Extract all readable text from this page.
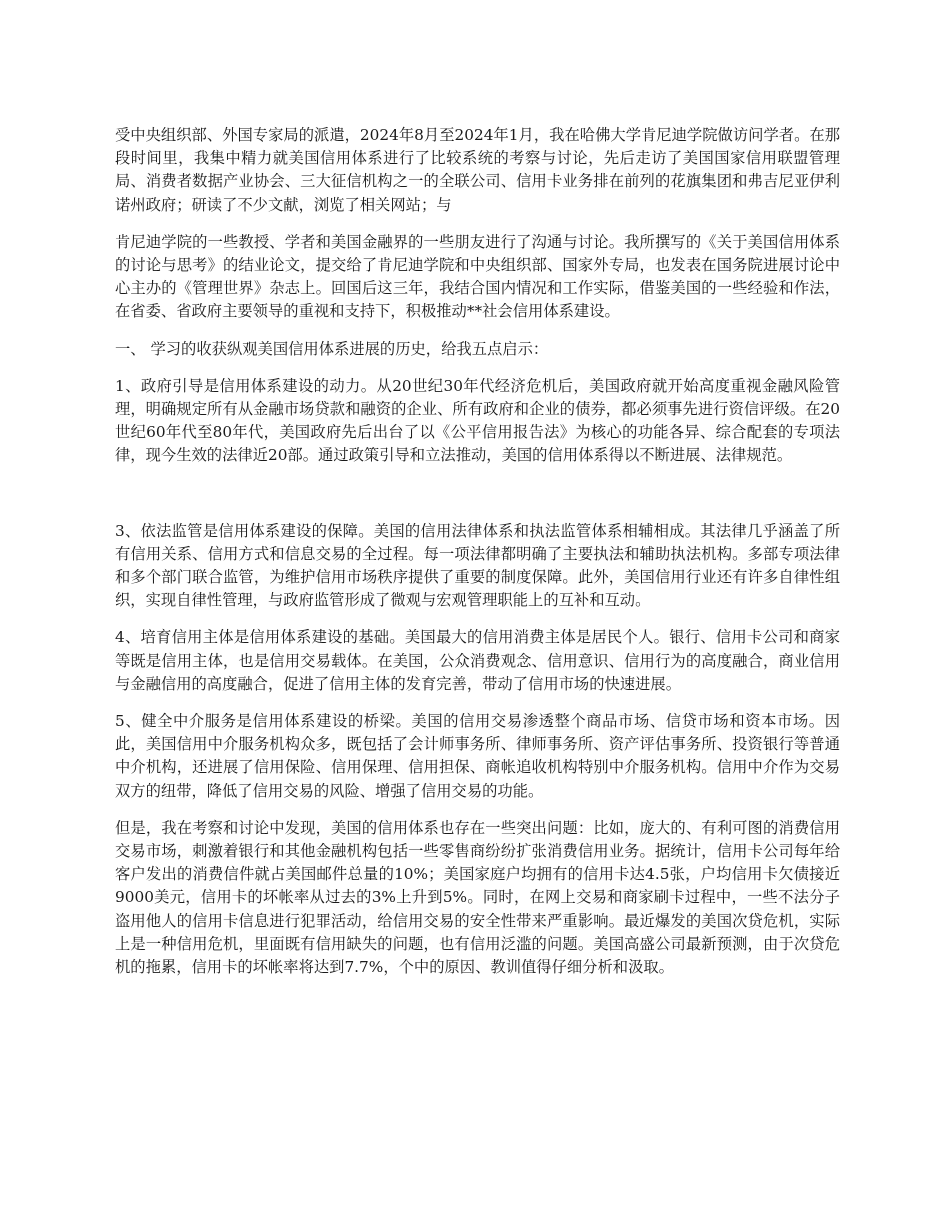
受中央组织部、外国专家局的派遣，2024年8月至2024年1月，我在哈佛大学肯尼迪学院做访问学者。在那段时间里，我集中精力就美国信用体系进行了比较系统的考察与讨论，先后走访了美国国家信用联盟管理局、消费者数据产业协会、三大征信机构之一的全联公司、信用卡业务排在前列的花旗集团和弗吉尼亚伊利诺州政府；研读了不少文献，浏览了相关网站；与

肯尼迪学院的一些教授、学者和美国金融界的一些朋友进行了沟通与讨论。我所撰写的《关于美国信用体系的讨论与思考》的结业论文，提交给了肯尼迪学院和中央组织部、国家外专局，也发表在国务院进展讨论中心主办的《管理世界》杂志上。回国后这三年，我结合国内情况和工作实际，借鉴美国的一些经验和作法，在省委、省政府主要领导的重视和支持下，积极推动**社会信用体系建设。

一、 学习的收获纵观美国信用体系进展的历史，给我五点启示：

1、政府引导是信用体系建设的动力。从20世纪30年代经济危机后，美国政府就开始高度重视金融风险管理，明确规定所有从金融市场贷款和融资的企业、所有政府和企业的债券，都必须事先进行资信评级。在20世纪60年代至80年代，美国政府先后出台了以《公平信用报告法》为核心的功能各异、综合配套的专项法律，现今生效的法律近20部。通过政策引导和立法推动，美国的信用体系得以不断进展、法律规范。

3、依法监管是信用体系建设的保障。美国的信用法律体系和执法监管体系相辅相成。其法律几乎涵盖了所有信用关系、信用方式和信息交易的全过程。每一项法律都明确了主要执法和辅助执法机构。多部专项法律和多个部门联合监管，为维护信用市场秩序提供了重要的制度保障。此外，美国信用行业还有许多自律性组织，实现自律性管理，与政府监管形成了微观与宏观管理职能上的互补和互动。

4、培育信用主体是信用体系建设的基础。美国最大的信用消费主体是居民个人。银行、信用卡公司和商家等既是信用主体，也是信用交易载体。在美国，公众消费观念、信用意识、信用行为的高度融合，商业信用与金融信用的高度融合，促进了信用主体的发育完善，带动了信用市场的快速进展。

5、健全中介服务是信用体系建设的桥梁。美国的信用交易渗透整个商品市场、信贷市场和资本市场。因此，美国信用中介服务机构众多，既包括了会计师事务所、律师事务所、资产评估事务所、投资银行等普通中介机构，还进展了信用保险、信用保理、信用担保、商帐追收机构特别中介服务机构。信用中介作为交易双方的纽带，降低了信用交易的风险、增强了信用交易的功能。

但是，我在考察和讨论中发现，美国的信用体系也存在一些突出问题：比如，庞大的、有利可图的消费信用交易市场，刺激着银行和其他金融机构包括一些零售商纷纷扩张消费信用业务。据统计，信用卡公司每年给客户发出的消费信件就占美国邮件总量的10%；美国家庭户均拥有的信用卡达4.5张，户均信用卡欠债接近9000美元，信用卡的坏帐率从过去的3%上升到5%。同时，在网上交易和商家刷卡过程中，一些不法分子盗用他人的信用卡信息进行犯罪活动，给信用交易的安全性带来严重影响。最近爆发的美国次贷危机，实际上是一种信用危机，里面既有信用缺失的问题，也有信用泛滥的问题。美国高盛公司最新预测，由于次贷危机的拖累，信用卡的坏帐率将达到7.7%，个中的原因、教训值得仔细分析和汲取。
